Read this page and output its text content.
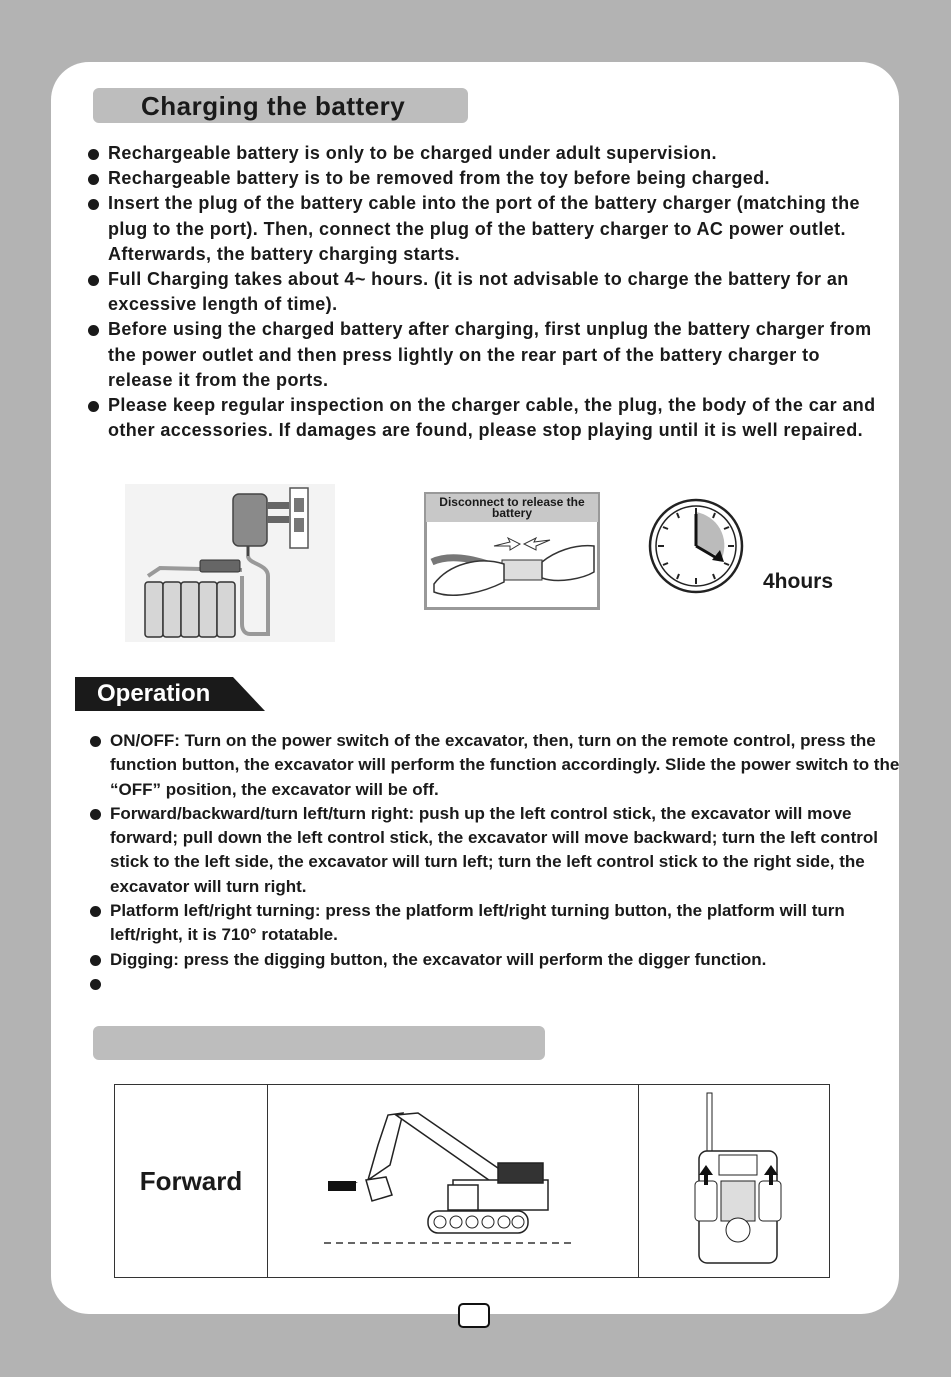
Charging the battery
Rechargeable battery is only to be charged under adult supervision.
Rechargeable battery is to be removed from the toy before being charged.
Insert the plug of the battery cable into the port of the battery charger (matching the plug to the port). Then, connect the plug of the battery charger to AC power outlet. Afterwards, the battery charging starts.
Full Charging takes about 4~ hours. (it is not advisable to charge the battery for an excessive length of time).
Before using the charged battery after charging, first unplug the battery charger from the power outlet and then press lightly on the rear part of the battery charger to release it from the ports.
Please keep regular inspection on the charger cable, the plug, the body of the car and other accessories. If damages are found, please stop playing until it is well repaired.
Disconnect to release the battery
4hours
Operation
ON/OFF: Turn on the power switch of the excavator, then, turn on the remote control, press the function button, the excavator will perform the function accordingly. Slide the power switch to the “OFF” position, the excavator will be off.
Forward/backward/turn left/turn right: push up the left control stick, the excavator will move forward; pull down the left control stick, the excavator will move backward; turn the left control stick to the left side, the excavator will turn left; turn the left control stick to the right side, the excavator will turn right.
Platform left/right turning: press the platform left/right turning button, the platform will turn left/right, it is 710° rotatable.
Digging: press the digging button, the excavator will perform the digger function.
Forward		
